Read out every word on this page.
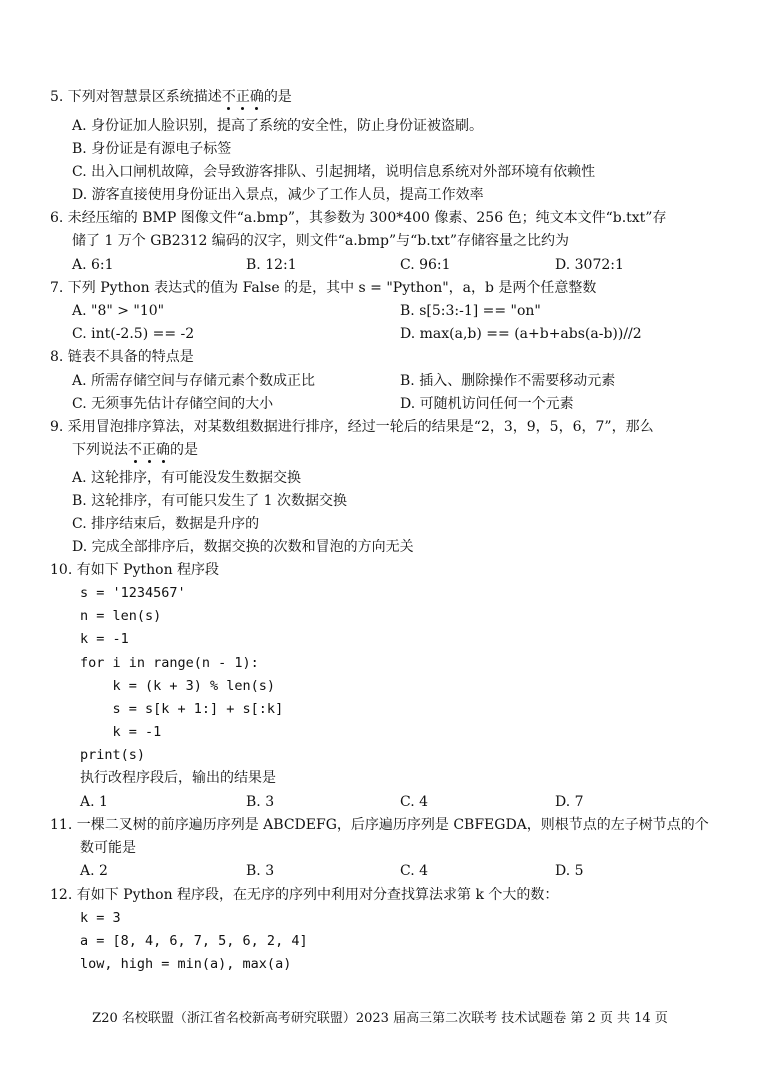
5. 下列对智慧景区系统描述不正确的是
A. 身份证加人脸识别，提高了系统的安全性，防止身份证被盗刷。
B. 身份证是有源电子标签
C. 出入口闸机故障，会导致游客排队、引起拥堵，说明信息系统对外部环境有依赖性
D. 游客直接使用身份证出入景点，减少了工作人员，提高工作效率
6. 未经压缩的 BMP 图像文件“a.bmp”，其参数为 300*400 像素、256 色；纯文本文件“b.txt”存
储了 1 万个 GB2312 编码的汉字，则文件“a.bmp”与“b.txt”存储容量之比约为
A. 6:1	B. 12:1	C. 96:1	D. 3072:1
7. 下列 Python 表达式的值为 False 的是，其中 s = "Python"，a，b 是两个任意整数
A. "8" > "10"	B. s[5:3:-1] == "on"
C. int(-2.5) == -2	D. max(a,b) == (a+b+abs(a-b))//2
8. 链表不具备的特点是
A. 所需存储空间与存储元素个数成正比	B. 插入、删除操作不需要移动元素
C. 无须事先估计存储空间的大小	D. 可随机访问任何一个元素
9. 采用冒泡排序算法，对某数组数据进行排序，经过一轮后的结果是“2，3，9，5，6，7”，那么
下列说法不正确的是
A. 这轮排序，有可能没发生数据交换
B. 这轮排序，有可能只发生了 1 次数据交换
C. 排序结束后，数据是升序的
D. 完成全部排序后，数据交换的次数和冒泡的方向无关
10. 有如下 Python 程序段
s = '1234567'
n = len(s)
k = -1
for i in range(n - 1):
k = (k + 3) % len(s)
s = s[k + 1:] + s[:k]
k = -1
print(s)
执行改程序段后，输出的结果是
A. 1	B. 3	C. 4	D. 7
11. 一棵二叉树的前序遍历序列是 ABCDEFG，后序遍历序列是 CBFEGDA，则根节点的左子树节点的个
数可能是
A. 2	B. 3	C. 4	D. 5
12. 有如下 Python 程序段，在无序的序列中利用对分查找算法求第 k 个大的数：
k = 3
a = [8, 4, 6, 7, 5, 6, 2, 4]
low, high = min(a), max(a)
Z20 名校联盟（浙江省名校新高考研究联盟）2023 届高三第二次联考 技术试题卷 第 2 页 共 14 页
